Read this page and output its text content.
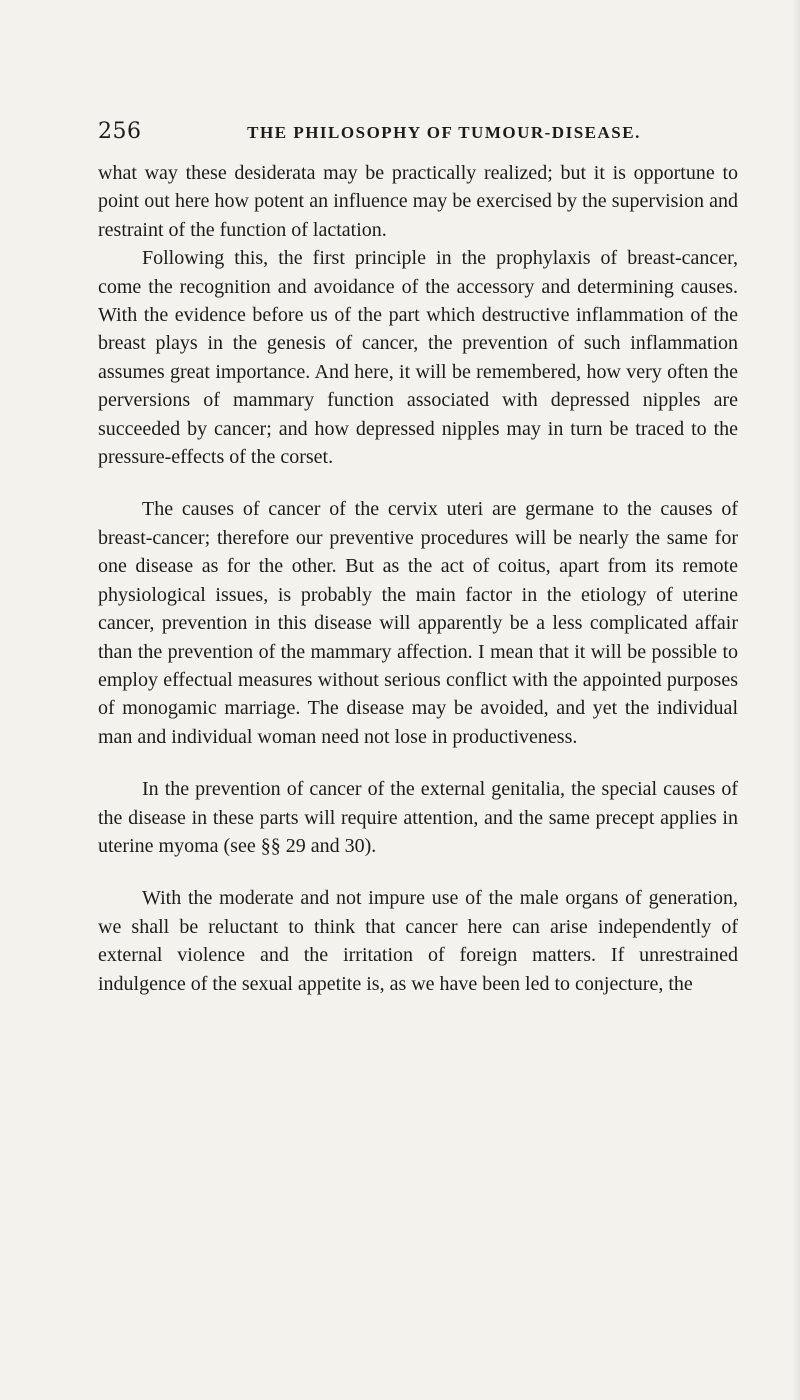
256	THE PHILOSOPHY OF TUMOUR-DISEASE.

what way these desiderata may be practically realized; but it is opportune to point out here how potent an influence may be exercised by the supervision and restraint of the function of lactation.

Following this, the first principle in the prophylaxis of breast-cancer, come the recognition and avoidance of the accessory and determining causes. With the evidence before us of the part which destructive inflammation of the breast plays in the genesis of cancer, the prevention of such inflammation assumes great importance. And here, it will be remembered, how very often the perversions of mammary function associated with depressed nipples are succeeded by cancer; and how depressed nipples may in turn be traced to the pressure-effects of the corset.

The causes of cancer of the cervix uteri are germane to the causes of breast-cancer; therefore our preventive procedures will be nearly the same for one disease as for the other. But as the act of coitus, apart from its remote physiological issues, is probably the main factor in the etiology of uterine cancer, prevention in this disease will apparently be a less complicated affair than the prevention of the mammary affection. I mean that it will be possible to employ effectual measures without serious conflict with the appointed purposes of monogamic marriage. The disease may be avoided, and yet the individual man and individual woman need not lose in productiveness.

In the prevention of cancer of the external genitalia, the special causes of the disease in these parts will require attention, and the same precept applies in uterine myoma (see §§ 29 and 30).

With the moderate and not impure use of the male organs of generation, we shall be reluctant to think that cancer here can arise independently of external violence and the irritation of foreign matters. If unrestrained indulgence of the sexual appetite is, as we have been led to conjecture, the
